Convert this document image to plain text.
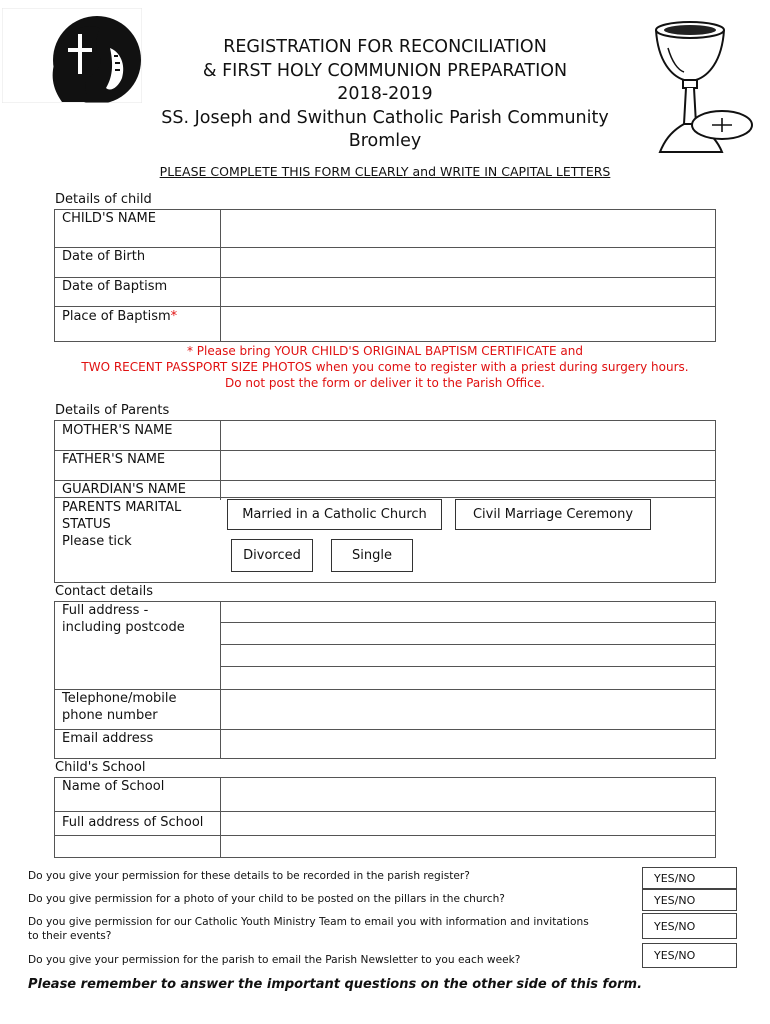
REGISTRATION FOR RECONCILIATION
& FIRST HOLY COMMUNION PREPARATION
2018-2019
SS. Joseph and Swithun Catholic Parish Community
Bromley
PLEASE COMPLETE THIS FORM CLEARLY and WRITE IN CAPITAL LETTERS
Details of child
CHILD'S NAME
Date of Birth
Date of Baptism
Place of Baptism*
* Please bring YOUR CHILD'S ORIGINAL BAPTISM CERTIFICATE and
TWO RECENT PASSPORT SIZE PHOTOS when you come to register with a priest during surgery hours.
Do not post the form or deliver it to the Parish Office.
Details of Parents
MOTHER'S NAME
FATHER'S NAME
GUARDIAN'S NAME
PARENTS MARITAL
STATUS
Please tick
Married in a Catholic Church	Civil Marriage Ceremony
Divorced	Single
Contact details
Full address -
including postcode
Telephone/mobile
phone number
Email address
Child's School
Name of School
Full address of School
Do you give your permission for these details to be recorded in the parish register?
Do you give permission for a photo of your child to be posted on the pillars in the church?
Do you give permission for our Catholic Youth Ministry Team to email you with information and invitations
to their events?
Do you give your permission for the parish to email the Parish Newsletter to you each week?
YES/NO
YES/NO
YES/NO
YES/NO
Please remember to answer the important questions on the other side of this form.
